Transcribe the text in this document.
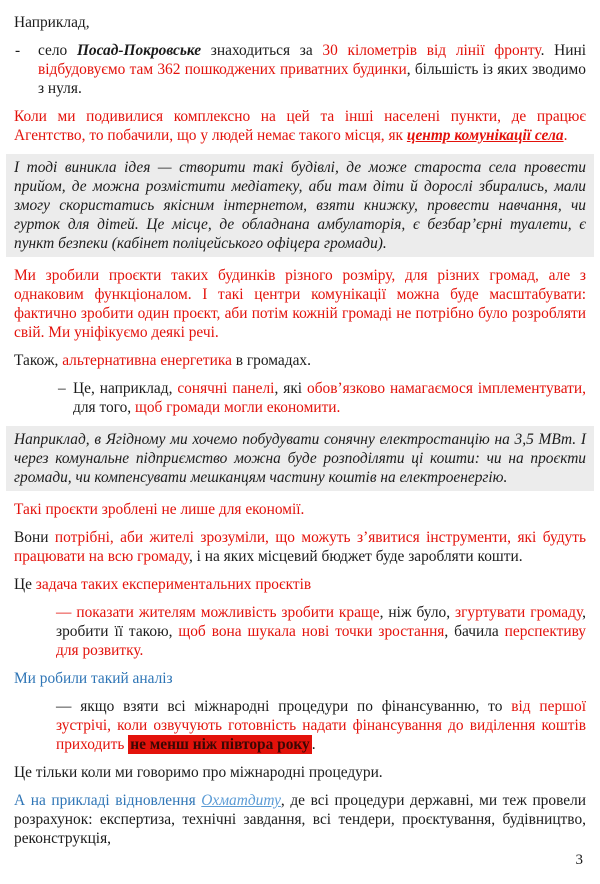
Наприклад,
- село Посад-Покровське знаходиться за 30 кілометрів від лінії фронту. Нині відбудовуємо там 362 пошкоджених приватних будинки, більшість із яких зводимо з нуля.
Коли ми подивилися комплексно на цей та інші населені пункти, де працює Агентство, то побачили, що у людей немає такого місця, як центр комунікації села.
І тоді виникла ідея — створити такі будівлі, де може староста села провести прийом, де можна розмістити медіатеку, аби там діти й дорослі збирались, мали змогу скористатись якісним інтернетом, взяти книжку, провести навчання, чи гурток для дітей. Це місце, де обладнана амбулаторія, є безбар’єрні туалети, є пункт безпеки (кабінет поліцейського офіцера громади).
Ми зробили проєкти таких будинків різного розміру, для різних громад, але з однаковим функціоналом. І такі центри комунікації можна буде масштабувати: фактично зробити один проєкт, аби потім кожній громаді не потрібно було розробляти свій. Ми уніфікуємо деякі речі.
Також, альтернативна енергетика в громадах.
– Це, наприклад, сонячні панелі, які обов’язково намагаємося імплементувати, для того, щоб громади могли економити.
Наприклад, в Ягідному ми хочемо побудувати сонячну електростанцію на 3,5 МВт. І через комунальне підприємство можна буде розподіляти ці кошти: чи на проєкти громади, чи компенсувати мешканцям частину коштів на електроенергію.
Такі проєкти зроблені не лише для економії.
Вони потрібні, аби жителі зрозуміли, що можуть з’явитися інструменти, які будуть працювати на всю громаду, і на яких місцевий бюджет буде заробляти кошти.
Це задача таких експериментальних проєктів
— показати жителям можливість зробити краще, ніж було, згуртувати громаду, зробити її такою, щоб вона шукала нові точки зростання, бачила перспективу для розвитку.
Ми робили такий аналіз
— якщо взяти всі міжнародні процедури по фінансуванню, то від першої зустрічі, коли озвучують готовність надати фінансування до виділення коштів приходить не менш ніж півтора року .
Це тільки коли ми говоримо про міжнародні процедури.
А на прикладі відновлення Охматдиту, де всі процедури державні, ми теж провели розрахунок: експертиза, технічні завдання, всі тендери, проєктування, будівництво, реконструкція,
3
